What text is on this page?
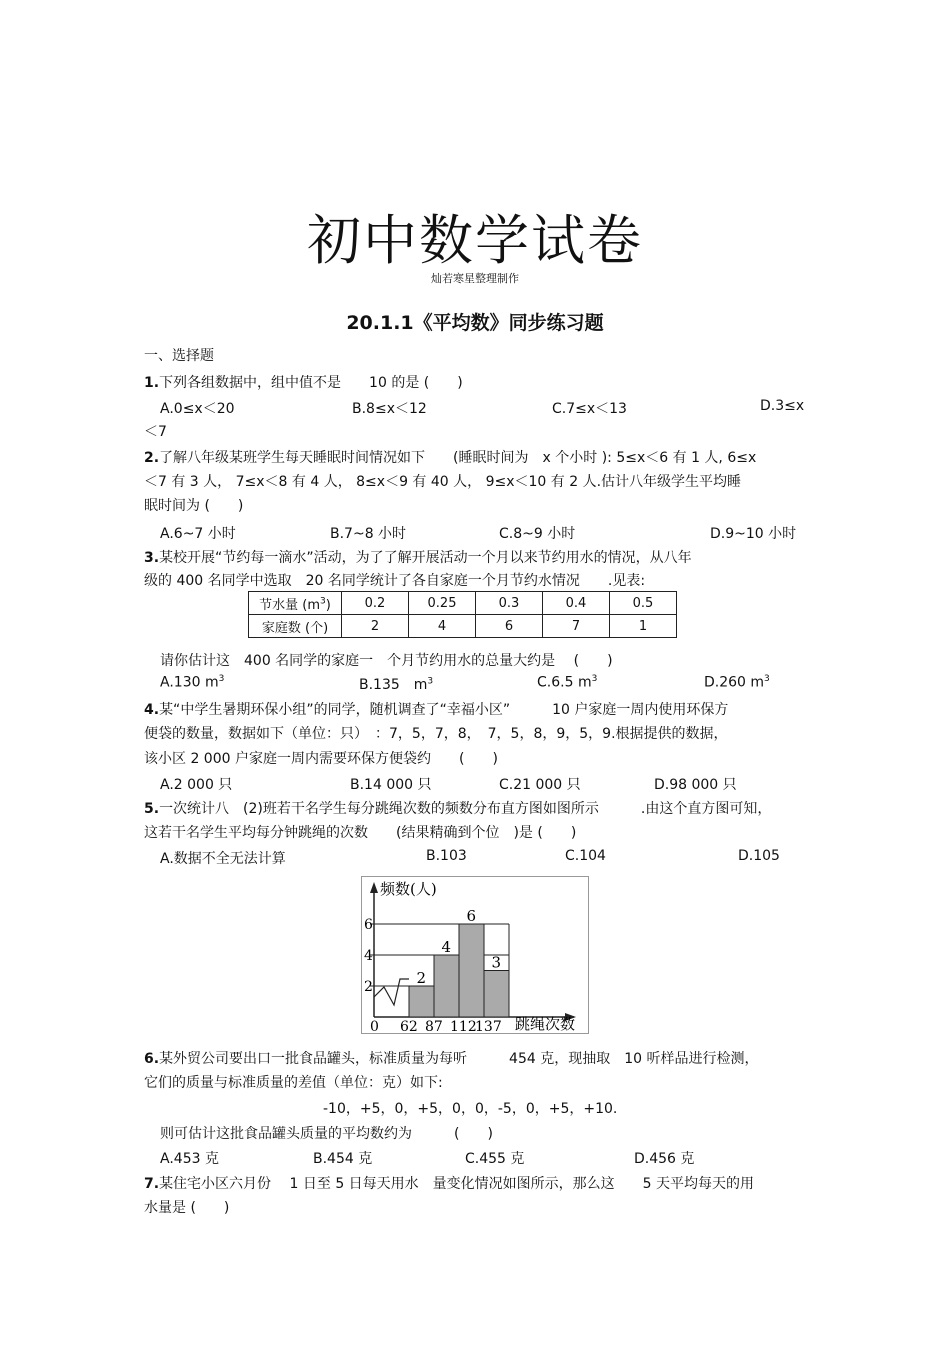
初中数学试卷
灿若寒星整理制作
20.1.1《平均数》同步练习题
一、选择题
1.下列各组数据中，组中值不是　　10 的是 (　　)
A.0≤x＜20	B.8≤x＜12	C.7≤x＜13	D.3≤x
＜7
2.了解八年级某班学生每天睡眠时间情况如下　　(睡眠时间为　x 个小时 ): 5≤x＜6 有 1 人, 6≤x
＜7 有 3 人， 7≤x＜8 有 4 人， 8≤x＜9 有 40 人， 9≤x＜10 有 2 人.估计八年级学生平均睡
眠时间为 (　　)
A.6~7 小时	B.7~8 小时	C.8~9 小时	D.9~10 小时
3.某校开展“节约每一滴水”活动，为了了解开展活动一个月以来节约用水的情况，从八年
级的 400 名同学中选取　20 名同学统计了各自家庭一个月节约水情况　　.见表:
节水量 $(m^3)$	0.2	0.25	0.3	0.4	0.5
家庭数 (个)	2	4	6	7	1
请你估计这　400 名同学的家庭一　个月节约用水的总量大约是　 (　　)
A.130 $m^3$	B.135　$m^3$	C.6.5 $m^3$	D.260 $m^3$
4.某“中学生暑期环保小组”的同学，随机调查了“幸福小区”　　　10 户家庭一周内使用环保方
便袋的数量，数据如下（单位：只）　：7，5，7，8，　7，5，8，9，5，9.根据提供的数据，
该小区 2 000 户家庭一周内需要环保方便袋约　　(　　)
A.2 000 只	B.14 000 只	C.21 000 只	D.98 000 只
5.一次统计八　(2)班若干名学生每分跳绳次数的频数分布直方图如图所示　　　.由这个直方图可知，
这若干名学生平均每分钟跳绳的次数　　(结果精确到个位　)是 (　　)
A.数据不全无法计算	B.103	C.104	D.105
频数(人)
跳绳次数
2
4
6
2
4
6
3
0 62 87 112
137
6.某外贸公司要出口一批食品罐头，标准质量为每听　　　454 克，现抽取　10 听样品进行检测，
它们的质量与标准质量的差值（单位：克）如下:
-10，+5，0，+5，0，0，-5，0，+5，+10.
则可估计这批食品罐头质量的平均数约为　　　(　　)
A.453 克	B.454 克	C.455 克	D.456 克
7.某住宅小区六月份　 1 日至 5 日每天用水　量变化情况如图所示，那么这　　5 天平均每天的用
水量是 (　　)
